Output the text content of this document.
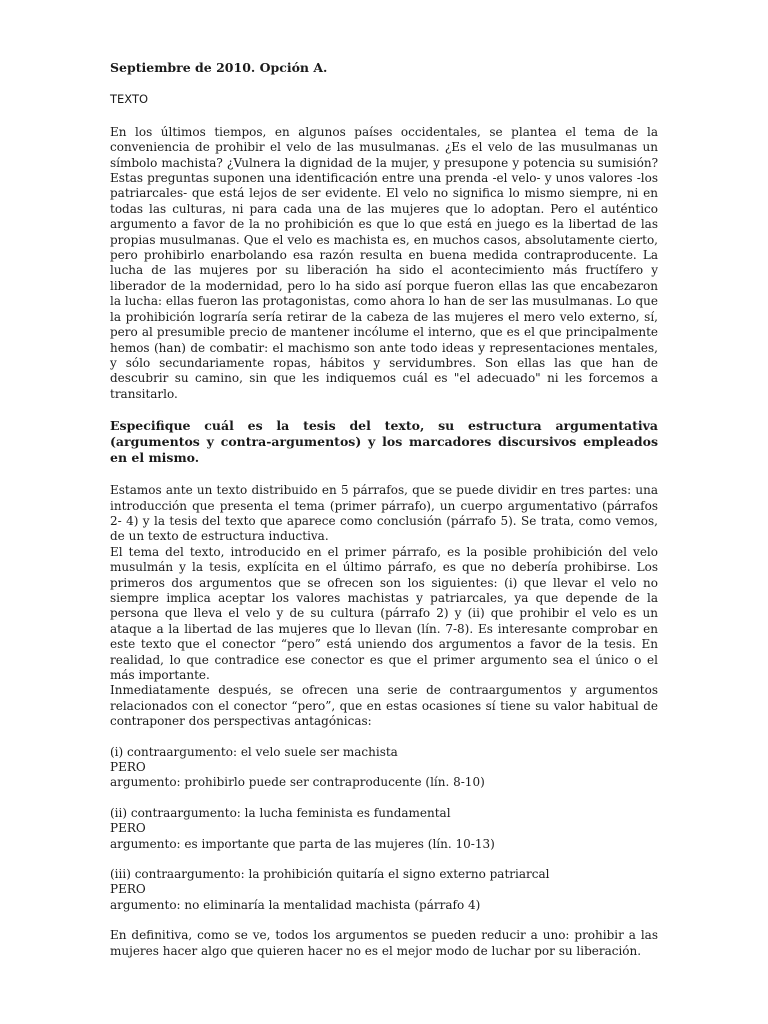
Septiembre de 2010. Opción A.

TEXTO

En los últimos tiempos, en algunos países occidentales, se plantea el tema de la conveniencia de prohibir el velo de las musulmanas. ¿Es el velo de las musulmanas un símbolo machista? ¿Vulnera la dignidad de la mujer, y presupone y potencia su sumisión? Estas preguntas suponen una identificación entre una prenda -el velo- y unos valores -los patriarcales- que está lejos de ser evidente. El velo no significa lo mismo siempre, ni en todas las culturas, ni para cada una de las mujeres que lo adoptan. Pero el auténtico argumento a favor de la no prohibición es que lo que está en juego es la libertad de las propias musulmanas. Que el velo es machista es, en muchos casos, absolutamente cierto, pero prohibirlo enarbolando esa razón resulta en buena medida contraproducente. La lucha de las mujeres por su liberación ha sido el acontecimiento más fructífero y liberador de la modernidad, pero lo ha sido así porque fueron ellas las que encabezaron la lucha: ellas fueron las protagonistas, como ahora lo han de ser las musulmanas. Lo que la prohibición lograría sería retirar de la cabeza de las mujeres el mero velo externo, sí, pero al presumible precio de mantener incólume el interno, que es el que principalmente hemos (han) de combatir: el machismo son ante todo ideas y representaciones mentales, y sólo secundariamente ropas, hábitos y servidumbres. Son ellas las que han de descubrir su camino, sin que les indiquemos cuál es "el adecuado" ni les forcemos a transitarlo.

Especifique cuál es la tesis del texto, su estructura argumentativa (argumentos y contra-argumentos) y los marcadores discursivos empleados en el mismo.

Estamos ante un texto distribuido en 5 párrafos, que se puede dividir en tres partes: una introducción que presenta el tema (primer párrafo), un cuerpo argumentativo (párrafos 2- 4) y la tesis del texto que aparece como conclusión (párrafo 5). Se trata, como vemos, de un texto de estructura inductiva.

El tema del texto, introducido en el primer párrafo, es la posible prohibición del velo musulmán y la tesis, explícita en el último párrafo, es que no debería prohibirse. Los primeros dos argumentos que se ofrecen son los siguientes: (i) que llevar el velo no siempre implica aceptar los valores machistas y patriarcales, ya que depende de la persona que lleva el velo y de su cultura (párrafo 2) y (ii) que prohibir el velo es un ataque a la libertad de las mujeres que lo llevan (lín. 7-8). Es interesante comprobar en este texto que el conector “pero” está uniendo dos argumentos a favor de la tesis. En realidad, lo que contradice ese conector es que el primer argumento sea el único o el más importante.

Inmediatamente después, se ofrecen una serie de contraargumentos y argumentos relacionados con el conector “pero”, que en estas ocasiones sí tiene su valor habitual de contraponer dos perspectivas antagónicas:

(i) contraargumento: el velo suele ser machista

PERO

argumento: prohibirlo puede ser contraproducente (lín. 8-10)

(ii) contraargumento: la lucha feminista es fundamental

PERO

argumento: es importante que parta de las mujeres (lín. 10-13)

(iii) contraargumento: la prohibición quitaría el signo externo patriarcal

PERO

argumento: no eliminaría la mentalidad machista (párrafo 4)

En definitiva, como se ve, todos los argumentos se pueden reducir a uno: prohibir a las mujeres hacer algo que quieren hacer no es el mejor modo de luchar por su liberación.
